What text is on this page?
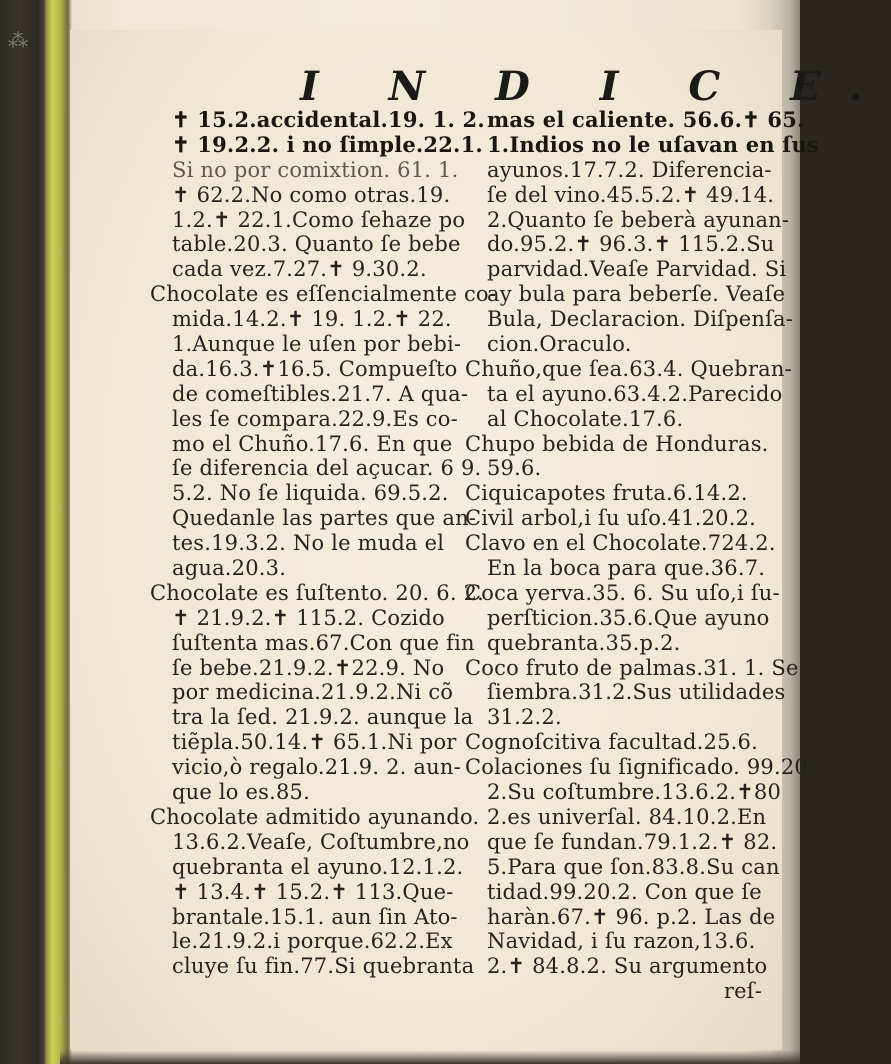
⁂
I N D I C E.
✝ 15.2.accidental.19. 1. 2.
✝ 19.2.2. i no ſimple.22.1.
Si no por comixtion. 61. 1.
✝ 62.2.No como otras.19.
1.2.✝ 22.1.Como ſehaze po
table.20.3. Quanto ſe bebe
cada vez.7.27.✝ 9.30.2.
Chocolate es eſſencialmente co-
mida.14.2.✝ 19. 1.2.✝ 22.
1.Aunque le uſen por bebi-
da.16.3.✝16.5. Compueſto
de comeſtibles.21.7. A qua-
les ſe compara.22.9.Es co-
mo el Chuño.17.6. En que
ſe diferencia del açucar. 6 9.
5.2. No ſe liquida. 69.5.2.
Quedanle las partes que an-
tes.19.3.2. No le muda el
agua.20.3.
Chocolate es ſuſtento. 20. 6. 2.
✝ 21.9.2.✝ 115.2. Cozido
ſuſtenta mas.67.Con que fin
ſe bebe.21.9.2.✝22.9. No
por medicina.21.9.2.Ni cõ
tra la ſed. 21.9.2. aunque la
tiẽpla.50.14.✝ 65.1.Ni por
vicio,ò regalo.21.9. 2. aun-
que lo es.85.
Chocolate admitido ayunando.
13.6.2.Veaſe, Coſtumbre,no
quebranta el ayuno.12.1.2.
✝ 13.4.✝ 15.2.✝ 113.Que-
brantale.15.1. aun ſin Ato-
le.21.9.2.i porque.62.2.Ex
cluye ſu fin.77.Si quebranta
mas el caliente. 56.6.✝ 65.
1.Indios no le uſavan en ſus
ayunos.17.7.2. Diferencia-
ſe del vino.45.5.2.✝ 49.14.
2.Quanto ſe beberà ayunan-
do.95.2.✝ 96.3.✝ 115.2.Su
parvidad.Veaſe Parvidad. Si
ay bula para beberſe. Veaſe
Bula, Declaracion. Diſpenſa-
cion.Oraculo.
Chuño,que ſea.63.4. Quebran-
ta el ayuno.63.4.2.Parecido
al Chocolate.17.6.
Chupo bebida de Honduras.
59.6.
Ciquicapotes fruta.6.14.2.
Civil arbol,i ſu uſo.41.20.2.
Clavo en el Chocolate.724.2.
En la boca para que.36.7.
Coca yerva.35. 6. Su uſo,i ſu-
perſticion.35.6.Que ayuno
quebranta.35.p.2.
Coco fruto de palmas.31. 1. Se
ſiembra.31.2.Sus utilidades
31.2.2.
Cognoſcitiva facultad.25.6.
Colaciones ſu ſignificado. 99.20.
2.Su coſtumbre.13.6.2.✝80
2.es univerſal. 84.10.2.En
que ſe fundan.79.1.2.✝ 82.
5.Para que ſon.83.8.Su can
tidad.99.20.2. Con que ſe
haràn.67.✝ 96. p.2. Las de
Navidad, i ſu razon,13.6.
2.✝ 84.8.2. Su argumento
reſ-
